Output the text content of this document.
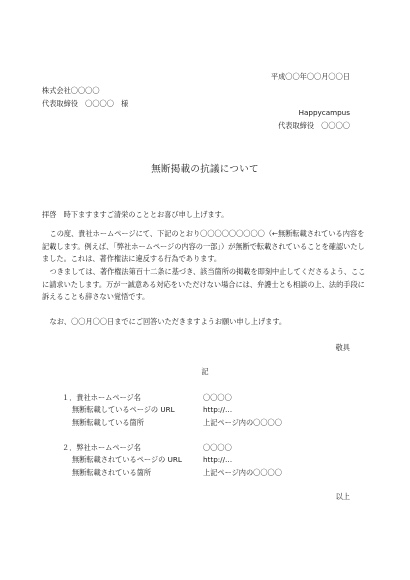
平成〇〇年〇〇月〇〇日
株式会社〇〇〇〇
代表取締役　〇〇〇〇　様
Happycampus
代表取締役　〇〇〇〇
無断掲載の抗議について
拝啓　時下ますますご清栄のこととお喜び申し上げます。
この度、貴社ホームページにて、下記のとおり〇〇〇〇〇〇〇〇〇（←無断転載されている内容を記載します。例えば、「弊社ホームページの内容の一部」）が無断で転載されていることを確認いたしました。これは、著作権法に違反する行為であります。
つきましては、著作権法第百十二条に基づき、該当箇所の掲載を即刻中止してくださるよう、ここに請求いたします。万が一誠意ある対応をいただけない場合には、弁護士とも相談の上、法的手段に訴えることも辞さない覚悟です。
なお、〇〇月〇〇日までにご回答いただきますようお願い申し上げます。
敬具
記
１．貴社ホームページ名	〇〇〇〇
無断転載しているページの URL	http://…
無断転載している箇所	上記ページ内の〇〇〇〇
２．弊社ホームページ名	〇〇〇〇
無断転載されているページの URL	http://…
無断転載されている箇所	上記ページ内の〇〇〇〇
以上
